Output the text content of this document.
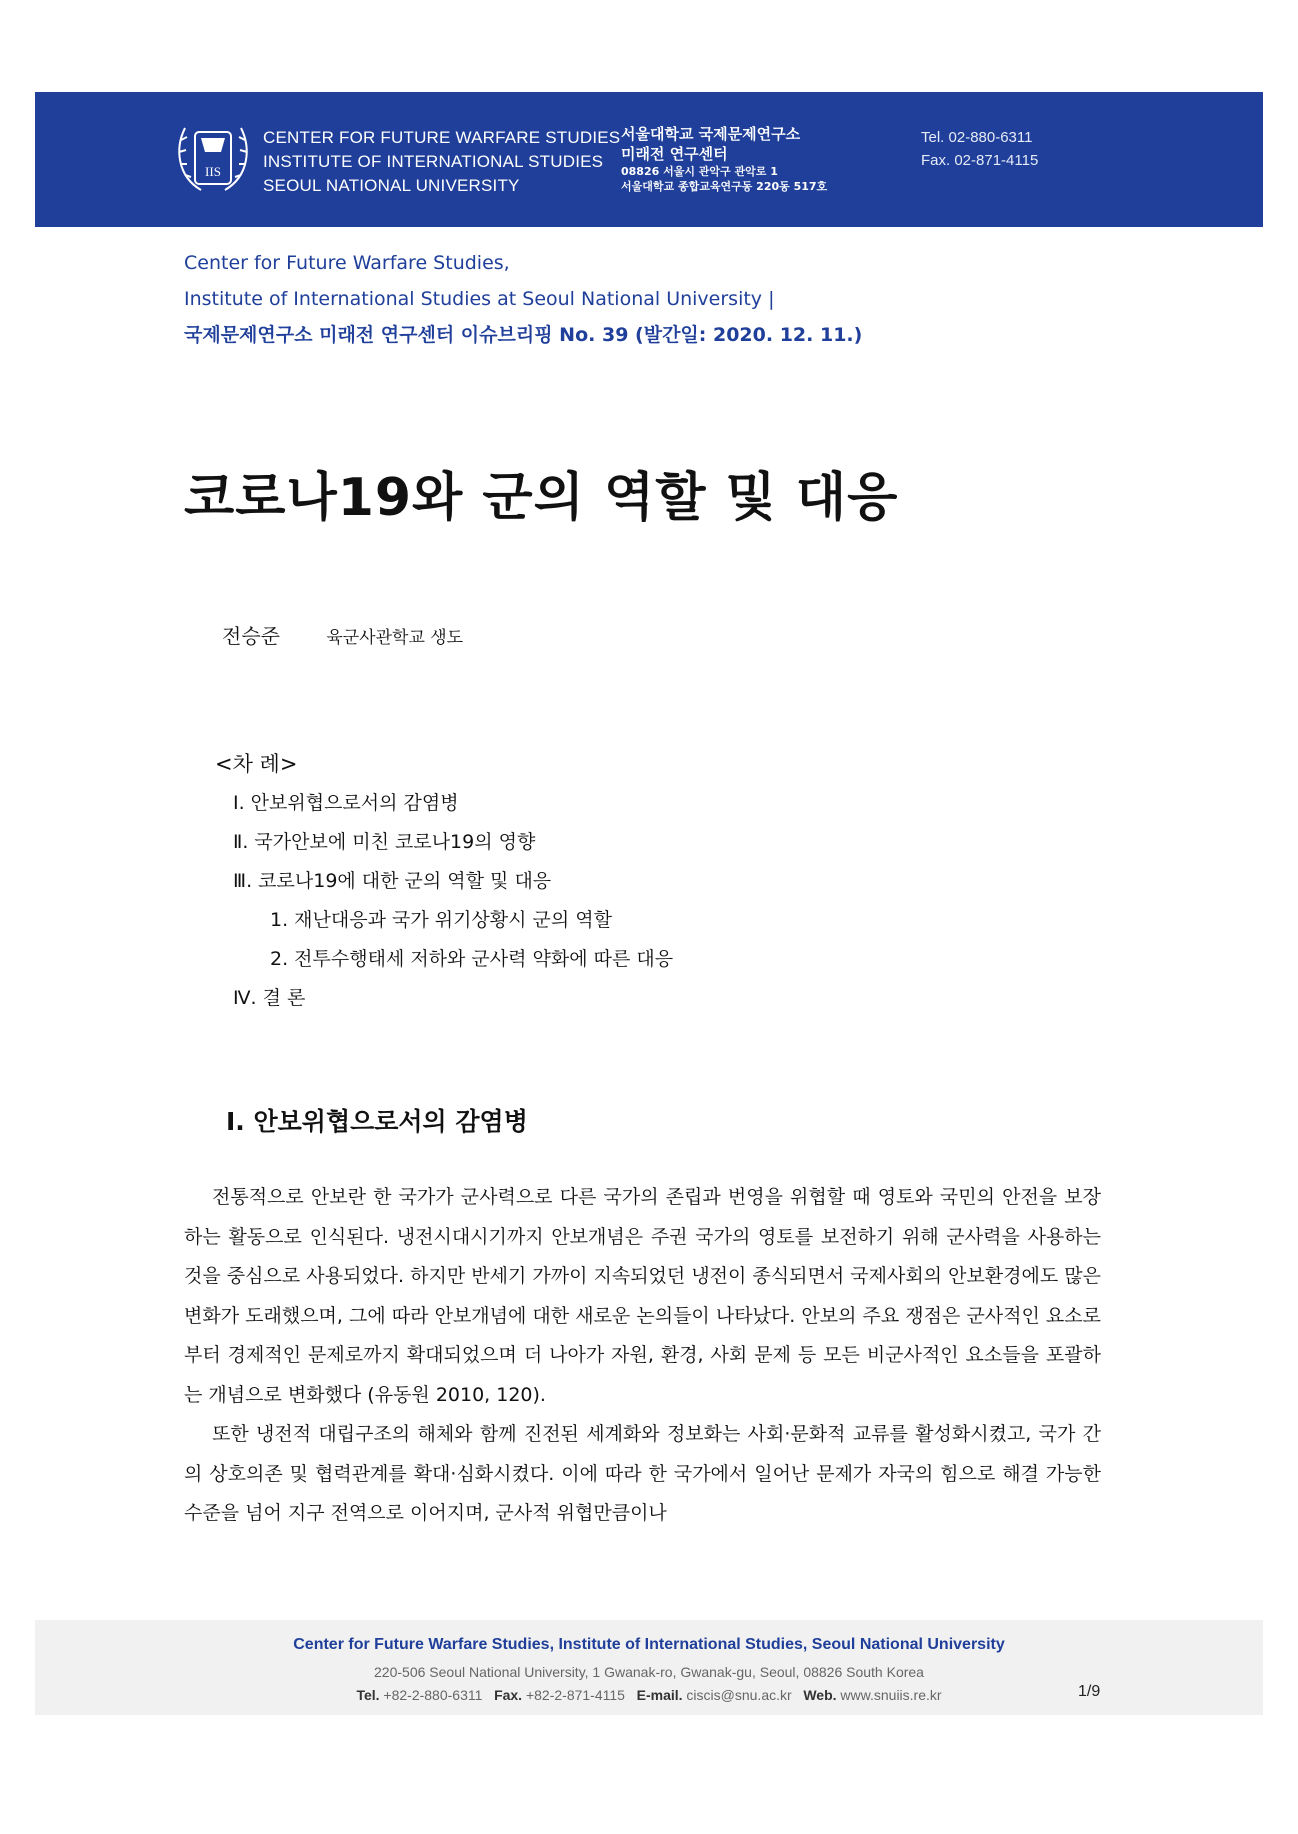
IIS
CENTER FOR FUTURE WARFARE STUDIES
INSTITUTE OF INTERNATIONAL STUDIES
SEOUL NATIONAL UNIVERSITY
서울대학교 국제문제연구소
미래전 연구센터
08826 서울시 관악구 관악로 1
서울대학교 종합교육연구동 220동 517호
Tel. 02-880-6311
Fax. 02-871-4115
Center for Future Warfare Studies,
Institute of International Studies at Seoul National University |
국제문제연구소 미래전 연구센터 이슈브리핑 No. 39 (발간일: 2020. 12. 11.)
코로나19와 군의 역할 및 대응
전승준	육군사관학교 생도
<차 례>
Ⅰ. 안보위협으로서의 감염병
Ⅱ. 국가안보에 미친 코로나19의 영향
Ⅲ. 코로나19에 대한 군의 역할 및 대응
1. 재난대응과 국가 위기상황시 군의 역할
2. 전투수행태세 저하와 군사력 약화에 따른 대응
Ⅳ. 결 론
Ⅰ. 안보위협으로서의 감염병

전통적으로 안보란 한 국가가 군사력으로 다른 국가의 존립과 번영을 위협할 때 영토와 국민의 안전을 보장하는 활동으로 인식된다. 냉전시대시기까지 안보개념은 주권 국가의 영토를 보전하기 위해 군사력을 사용하는 것을 중심으로 사용되었다. 하지만 반세기 가까이 지속되었던 냉전이 종식되면서 국제사회의 안보환경에도 많은 변화가 도래했으며, 그에 따라 안보개념에 대한 새로운 논의들이 나타났다. 안보의 주요 쟁점은 군사적인 요소로부터 경제적인 문제로까지 확대되었으며 더 나아가 자원, 환경, 사회 문제 등 모든 비군사적인 요소들을 포괄하는 개념으로 변화했다 (유동원 2010, 120).

또한 냉전적 대립구조의 해체와 함께 진전된 세계화와 정보화는 사회·문화적 교류를 활성화시켰고, 국가 간의 상호의존 및 협력관계를 확대·심화시켰다. 이에 따라 한 국가에서 일어난 문제가 자국의 힘으로 해결 가능한 수준을 넘어 지구 전역으로 이어지며, 군사적 위협만큼이나

Center for Future Warfare Studies, Institute of International Studies, Seoul National University
220-506 Seoul National University, 1 Gwanak-ro, Gwanak-gu, Seoul, 08826 South Korea
Tel. +82-2-880-6311 Fax. +82-2-871-4115 E-mail. ciscis@snu.ac.kr Web. www.snuiis.re.kr	1/9
